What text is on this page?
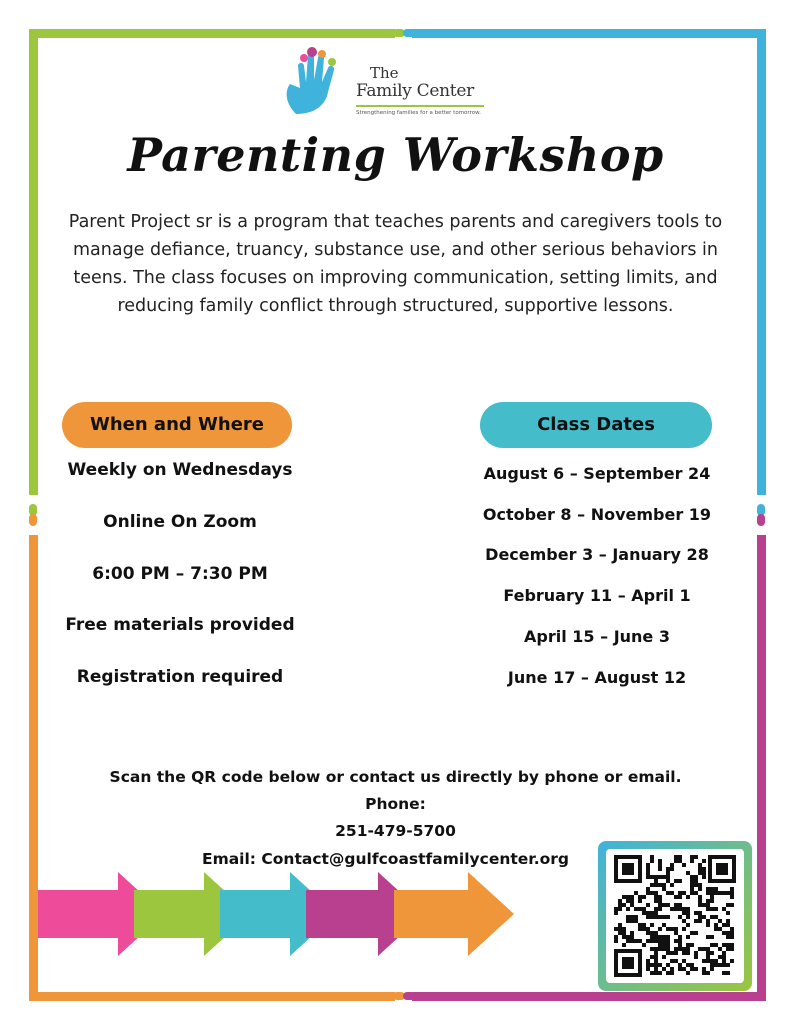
The
Family Center
Strengthening families for a better tomorrow.
Parenting Workshop
Parent Project sr is a program that teaches parents and caregivers tools to manage defiance, truancy, substance use, and other serious behaviors in teens. The class focuses on improving communication, setting limits, and reducing family conflict through structured, supportive lessons.
When and Where
Weekly on Wednesdays
Online On Zoom
6:00 PM – 7:30 PM
Free materials provided
Registration required
Class Dates
August 6 – September 24
October 8 – November 19
December 3 – January 28
February 11 – April 1
April 15 – June 3
June 17 – August 12
Scan the QR code below or contact us directly by phone or email.
Phone:
251-479-5700
Email: Contact@gulfcoastfamilycenter.org
